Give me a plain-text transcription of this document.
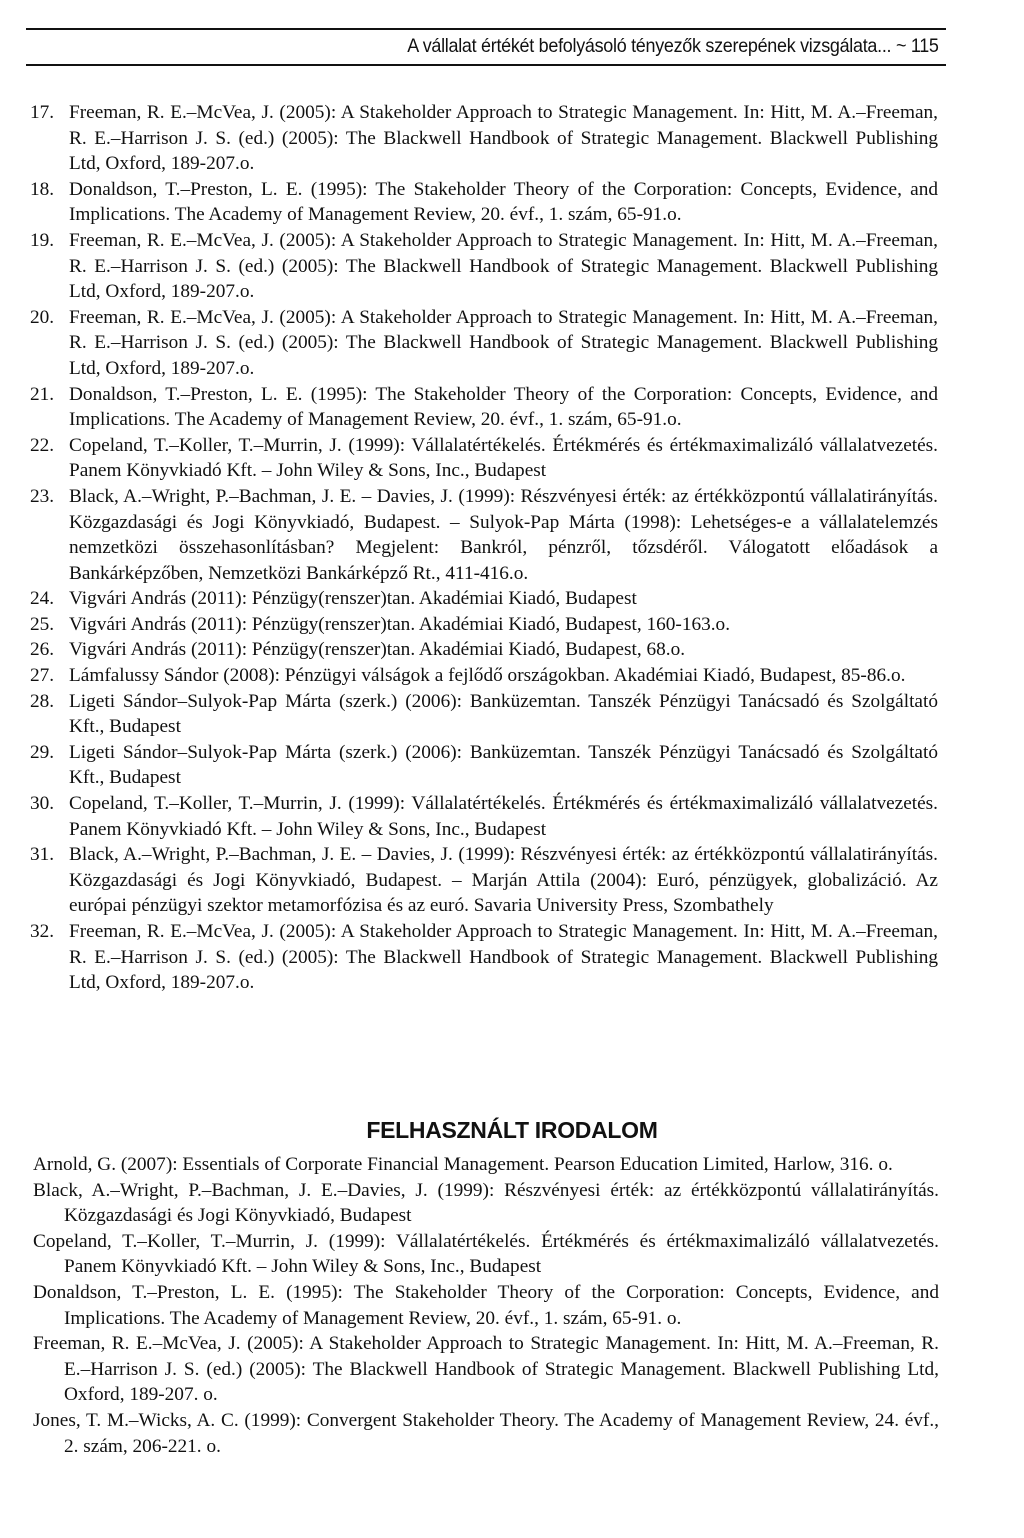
A vállalat értékét befolyásoló tényezők szerepének vizsgálata... ~ 115
17. Freeman, R. E.–McVea, J. (2005): A Stakeholder Approach to Strategic Management. In: Hitt, M. A.–Freeman, R. E.–Harrison J. S. (ed.) (2005): The Blackwell Handbook of Strategic Management. Blackwell Publishing Ltd, Oxford, 189-207.o.
18. Donaldson, T.–Preston, L. E. (1995): The Stakeholder Theory of the Corporation: Concepts, Evidence, and Implications. The Academy of Management Review, 20. évf., 1. szám, 65-91.o.
19. Freeman, R. E.–McVea, J. (2005): A Stakeholder Approach to Strategic Management. In: Hitt, M. A.–Freeman, R. E.–Harrison J. S. (ed.) (2005): The Blackwell Handbook of Strategic Management. Blackwell Publishing Ltd, Oxford, 189-207.o.
20. Freeman, R. E.–McVea, J. (2005): A Stakeholder Approach to Strategic Management. In: Hitt, M. A.–Freeman, R. E.–Harrison J. S. (ed.) (2005): The Blackwell Handbook of Strategic Management. Blackwell Publishing Ltd, Oxford, 189-207.o.
21. Donaldson, T.–Preston, L. E. (1995): The Stakeholder Theory of the Corporation: Concepts, Evidence, and Implications. The Academy of Management Review, 20. évf., 1. szám, 65-91.o.
22. Copeland, T.–Koller, T.–Murrin, J. (1999): Vállalatértékelés. Értékmérés és értékmaximalizáló vállalatvezetés. Panem Könyvkiadó Kft. – John Wiley & Sons, Inc., Budapest
23. Black, A.–Wright, P.–Bachman, J. E. – Davies, J. (1999): Részvényesi érték: az értékközpontú vállalatirányítás. Közgazdasági és Jogi Könyvkiadó, Budapest. – Sulyok-Pap Márta (1998): Lehetséges-e a vállalatelemzés nemzetközi összehasonlításban? Megjelent: Bankról, pénzről, tőzsdéről. Válogatott előadások a Bankárképzőben, Nemzetközi Bankárképző Rt., 411-416.o.
24. Vigvári András (2011): Pénzügy(renszer)tan. Akadémiai Kiadó, Budapest
25. Vigvári András (2011): Pénzügy(renszer)tan. Akadémiai Kiadó, Budapest, 160-163.o.
26. Vigvári András (2011): Pénzügy(renszer)tan. Akadémiai Kiadó, Budapest, 68.o.
27. Lámfalussy Sándor (2008): Pénzügyi válságok a fejlődő országokban. Akadémiai Kiadó, Budapest, 85-86.o.
28. Ligeti Sándor–Sulyok-Pap Márta (szerk.) (2006): Banküzemtan. Tanszék Pénzügyi Tanácsadó és Szolgáltató Kft., Budapest
29. Ligeti Sándor–Sulyok-Pap Márta (szerk.) (2006): Banküzemtan. Tanszék Pénzügyi Tanácsadó és Szolgáltató Kft., Budapest
30. Copeland, T.–Koller, T.–Murrin, J. (1999): Vállalatértékelés. Értékmérés és értékmaximalizáló vállalatvezetés. Panem Könyvkiadó Kft. – John Wiley & Sons, Inc., Budapest
31. Black, A.–Wright, P.–Bachman, J. E. – Davies, J. (1999): Részvényesi érték: az értékközpontú vállalatirányítás. Közgazdasági és Jogi Könyvkiadó, Budapest. – Marján Attila (2004): Euró, pénzügyek, globalizáció. Az európai pénzügyi szektor metamorfózisa és az euró. Savaria University Press, Szombathely
32. Freeman, R. E.–McVea, J. (2005): A Stakeholder Approach to Strategic Management. In: Hitt, M. A.–Freeman, R. E.–Harrison J. S. (ed.) (2005): The Blackwell Handbook of Strategic Management. Blackwell Publishing Ltd, Oxford, 189-207.o.
FELHASZNÁLT IRODALOM
Arnold, G. (2007): Essentials of Corporate Financial Management. Pearson Education Limited, Harlow, 316. o.
Black, A.–Wright, P.–Bachman, J. E.–Davies, J. (1999): Részvényesi érték: az értékközpontú vállalatirányítás. Közgazdasági és Jogi Könyvkiadó, Budapest
Copeland, T.–Koller, T.–Murrin, J. (1999): Vállalatértékelés. Értékmérés és értékmaximalizáló vállalatvezetés. Panem Könyvkiadó Kft. – John Wiley & Sons, Inc., Budapest
Donaldson, T.–Preston, L. E. (1995): The Stakeholder Theory of the Corporation: Concepts, Evidence, and Implications. The Academy of Management Review, 20. évf., 1. szám, 65-91. o.
Freeman, R. E.–McVea, J. (2005): A Stakeholder Approach to Strategic Management. In: Hitt, M. A.–Freeman, R. E.–Harrison J. S. (ed.) (2005): The Blackwell Handbook of Strategic Management. Blackwell Publishing Ltd, Oxford, 189-207. o.
Jones, T. M.–Wicks, A. C. (1999): Convergent Stakeholder Theory. The Academy of Management Review, 24. évf., 2. szám, 206-221. o.
